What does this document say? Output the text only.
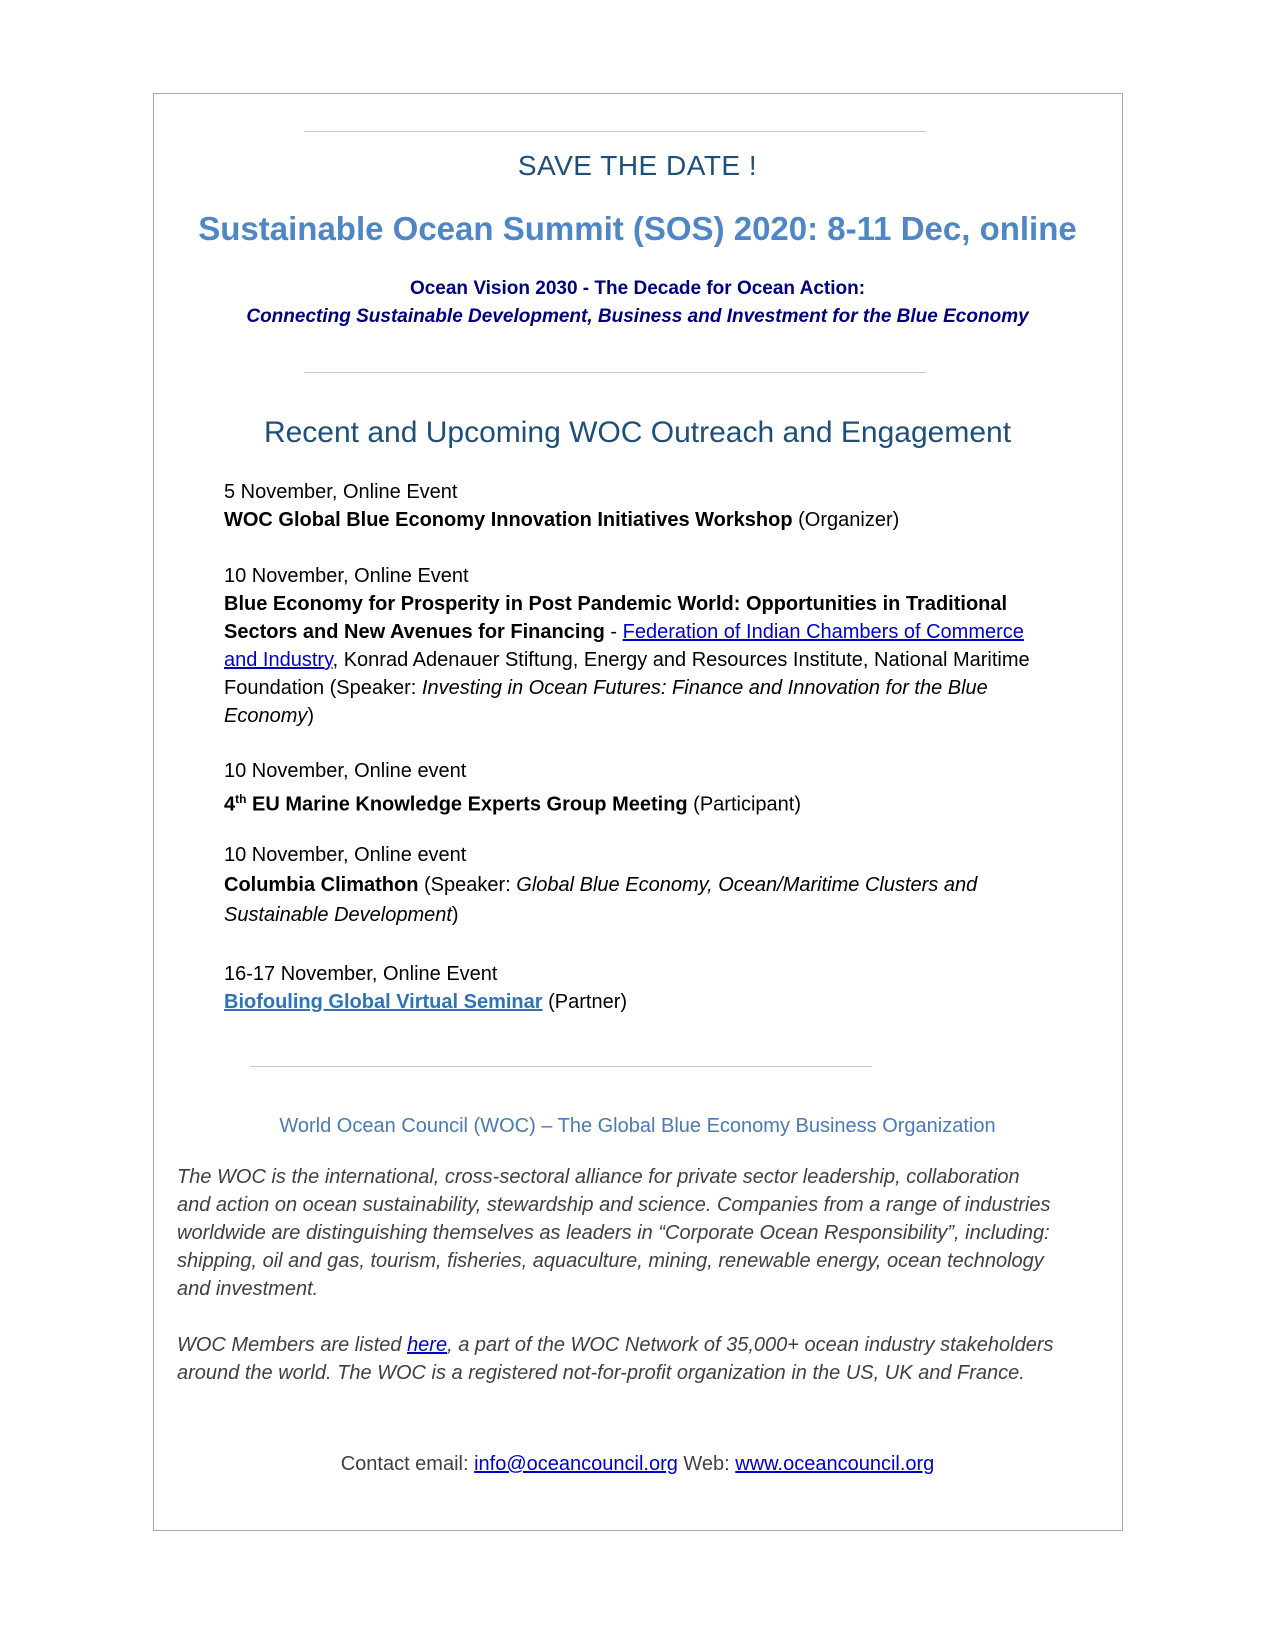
SAVE THE DATE !
Sustainable Ocean Summit (SOS) 2020: 8-11 Dec, online
Ocean Vision 2030 - The Decade for Ocean Action:
Connecting Sustainable Development, Business and Investment for the Blue Economy
Recent and Upcoming WOC Outreach and Engagement
5 November, Online Event
WOC Global Blue Economy Innovation Initiatives Workshop (Organizer)
10 November, Online Event
Blue Economy for Prosperity in Post Pandemic World: Opportunities in Traditional Sectors and New Avenues for Financing - Federation of Indian Chambers of Commerce and Industry, Konrad Adenauer Stiftung, Energy and Resources Institute, National Maritime Foundation (Speaker: Investing in Ocean Futures: Finance and Innovation for the Blue Economy)
10 November, Online event
4th EU Marine Knowledge Experts Group Meeting (Participant)
10 November, Online event
Columbia Climathon (Speaker: Global Blue Economy, Ocean/Maritime Clusters and Sustainable Development)
16-17 November, Online Event
Biofouling Global Virtual Seminar (Partner)
World Ocean Council (WOC) – The Global Blue Economy Business Organization
The WOC is the international, cross-sectoral alliance for private sector leadership, collaboration and action on ocean sustainability, stewardship and science. Companies from a range of industries worldwide are distinguishing themselves as leaders in “Corporate Ocean Responsibility”, including: shipping, oil and gas, tourism, fisheries, aquaculture, mining, renewable energy, ocean technology and investment.
WOC Members are listed here, a part of the WOC Network of 35,000+ ocean industry stakeholders around the world. The WOC is a registered not-for-profit organization in the US, UK and France.
Contact email: info@oceancouncil.org Web: www.oceancouncil.org
